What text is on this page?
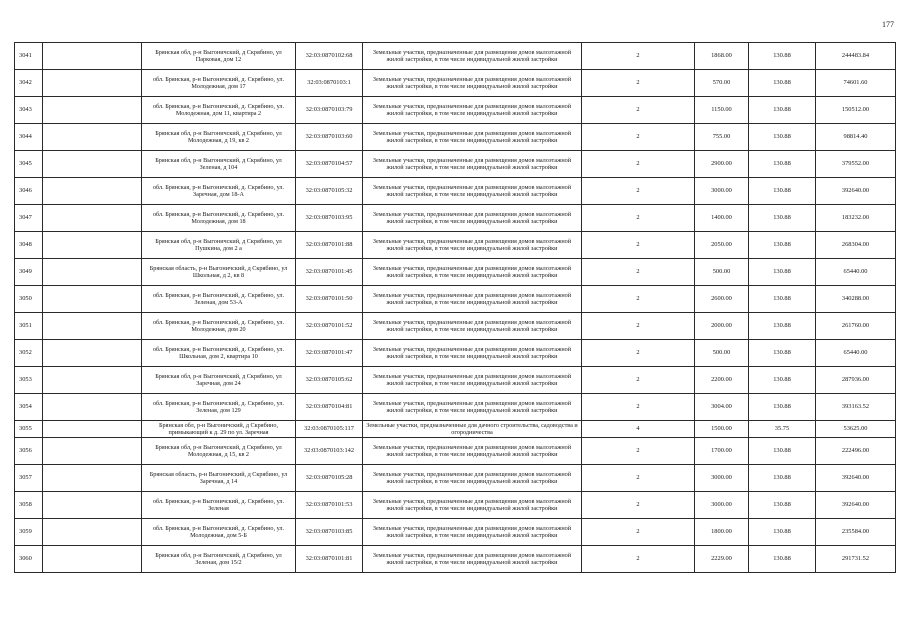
177
3041		Брянская обл, р-н Выгоничский, д Скрябино, ул Парковая, дом 12	32:03:0870102:68	Земельные участки, предназначенные для размещения домов малоэтажной жилой застройки, в том числе индивидуальной жилой застройки	2	1868.00	130.88	244483.84
3042		обл. Брянская, р-н Выгоничский, д. Скрябино, ул. Молодежная, дом 17	32:03:0870103:1	Земельные участки, предназначенные для размещения домов малоэтажной жилой застройки, в том числе индивидуальной жилой застройки	2	570.00	130.88	74601.60
3043		обл. Брянская, р-н Выгоничский, д. Скрябино, ул. Молодежная, дом 11, квартира 2	32:03:0870103:79	Земельные участки, предназначенные для размещения домов малоэтажной жилой застройки, в том числе индивидуальной жилой застройки	2	1150.00	130.88	150512.00
3044		Брянская обл, р-н Выгоничский, д Скрябино, ул Молодежная, д 19, кв 2	32:03:0870103:60	Земельные участки, предназначенные для размещения домов малоэтажной жилой застройки, в том числе индивидуальной жилой застройки	2	755.00	130.88	98814.40
3045		Брянская обл, р-н Выгоничский, д Скрябино, ул Зеленая, д 104	32:03:0870104:57	Земельные участки, предназначенные для размещения домов малоэтажной жилой застройки, в том числе индивидуальной жилой застройки	2	2900.00	130.88	379552.00
3046		обл. Брянская, р-н Выгоничский, д. Скрябино, ул. Заречная, дом 18-А	32:03:0870105:32	Земельные участки, предназначенные для размещения домов малоэтажной жилой застройки, в том числе индивидуальной жилой застройки	2	3000.00	130.88	392640.00
3047		обл. Брянская, р-н Выгоничский, д. Скрябино, ул. Молодежная, дом 18	32:03:0870103:95	Земельные участки, предназначенные для размещения домов малоэтажной жилой застройки, в том числе индивидуальной жилой застройки	2	1400.00	130.88	183232.00
3048		Брянская обл, р-н Выгоничский, д Скрябино, ул Пушкина, дом 2 а	32:03:0870101:88	Земельные участки, предназначенные для размещения домов малоэтажной жилой застройки, в том числе индивидуальной жилой застройки	2	2050.00	130.88	268304.00
3049		Брянская область, р-н Выгоничский, д Скрябино, ул Школьная, д 2, кв 8	32:03:0870101:45	Земельные участки, предназначенные для размещения домов малоэтажной жилой застройки, в том числе индивидуальной жилой застройки	2	500.00	130.88	65440.00
3050		обл. Брянская, р-н Выгоничский, д. Скрябино, ул. Зеленая, дом 53-А	32:03:0870101:50	Земельные участки, предназначенные для размещения домов малоэтажной жилой застройки, в том числе индивидуальной жилой застройки	2	2600.00	130.88	340288.00
3051		обл. Брянская, р-н Выгоничский, д. Скрябино, ул. Молодежная, дом 20	32:03:0870101:52	Земельные участки, предназначенные для размещения домов малоэтажной жилой застройки, в том числе индивидуальной жилой застройки	2	2000.00	130.88	261760.00
3052		обл. Брянская, р-н Выгоничский, д. Скрябино, ул. Школьная, дом 2, квартира 10	32:03:0870101:47	Земельные участки, предназначенные для размещения домов малоэтажной жилой застройки, в том числе индивидуальной жилой застройки	2	500.00	130.88	65440.00
3053		Брянская обл, р-н Выгоничский, д Скрябино, ул Заречная, дом 24	32:03:0870105:62	Земельные участки, предназначенные для размещения домов малоэтажной жилой застройки, в том числе индивидуальной жилой застройки	2	2200.00	130.88	287936.00
3054		обл. Брянская, р-н Выгоничский, д. Скрябино, ул. Зеленая, дом 129	32:03:0870104:81	Земельные участки, предназначенные для размещения домов малоэтажной жилой застройки, в том числе индивидуальной жилой застройки	2	3004.00	130.88	393163.52
3055		Брянская обл, р-н Выгоничский, д Скрябино, примыкающий к д. 29 по ул. Заречная	32:03:0870105:117	Земельные участки, предназначенные для дачного строительства, садоводства и огородничества	4	1500.00	35.75	53625.00
3056		Брянская обл, р-н Выгоничский, д Скрябино, ул Молодежная, д 15, кв 2	32:03:0870103:142	Земельные участки, предназначенные для размещения домов малоэтажной жилой застройки, в том числе индивидуальной жилой застройки	2	1700.00	130.88	222496.00
3057		Брянская область, р-н Выгоничский, д Скрябино, ул Заречная, д 14	32:03:0870105:28	Земельные участки, предназначенные для размещения домов малоэтажной жилой застройки, в том числе индивидуальной жилой застройки	2	3000.00	130.88	392640.00
3058		обл. Брянская, р-н Выгоничский, д. Скрябино, ул. Зеленая	32:03:0870101:53	Земельные участки, предназначенные для размещения домов малоэтажной жилой застройки, в том числе индивидуальной жилой застройки	2	3000.00	130.88	392640.00
3059		обл. Брянская, р-н Выгоничский, д. Скрябино, ул. Молодежная, дом 5-Б	32:03:0870103:85	Земельные участки, предназначенные для размещения домов малоэтажной жилой застройки, в том числе индивидуальной жилой застройки	2	1800.00	130.88	235584.00
3060		Брянская обл, р-н Выгоничский, д Скрябино, ул Зеленая, дом 15/2	32:03:0870101:81	Земельные участки, предназначенные для размещения домов малоэтажной жилой застройки, в том числе индивидуальной жилой застройки	2	2229.00	130.88	291731.52
